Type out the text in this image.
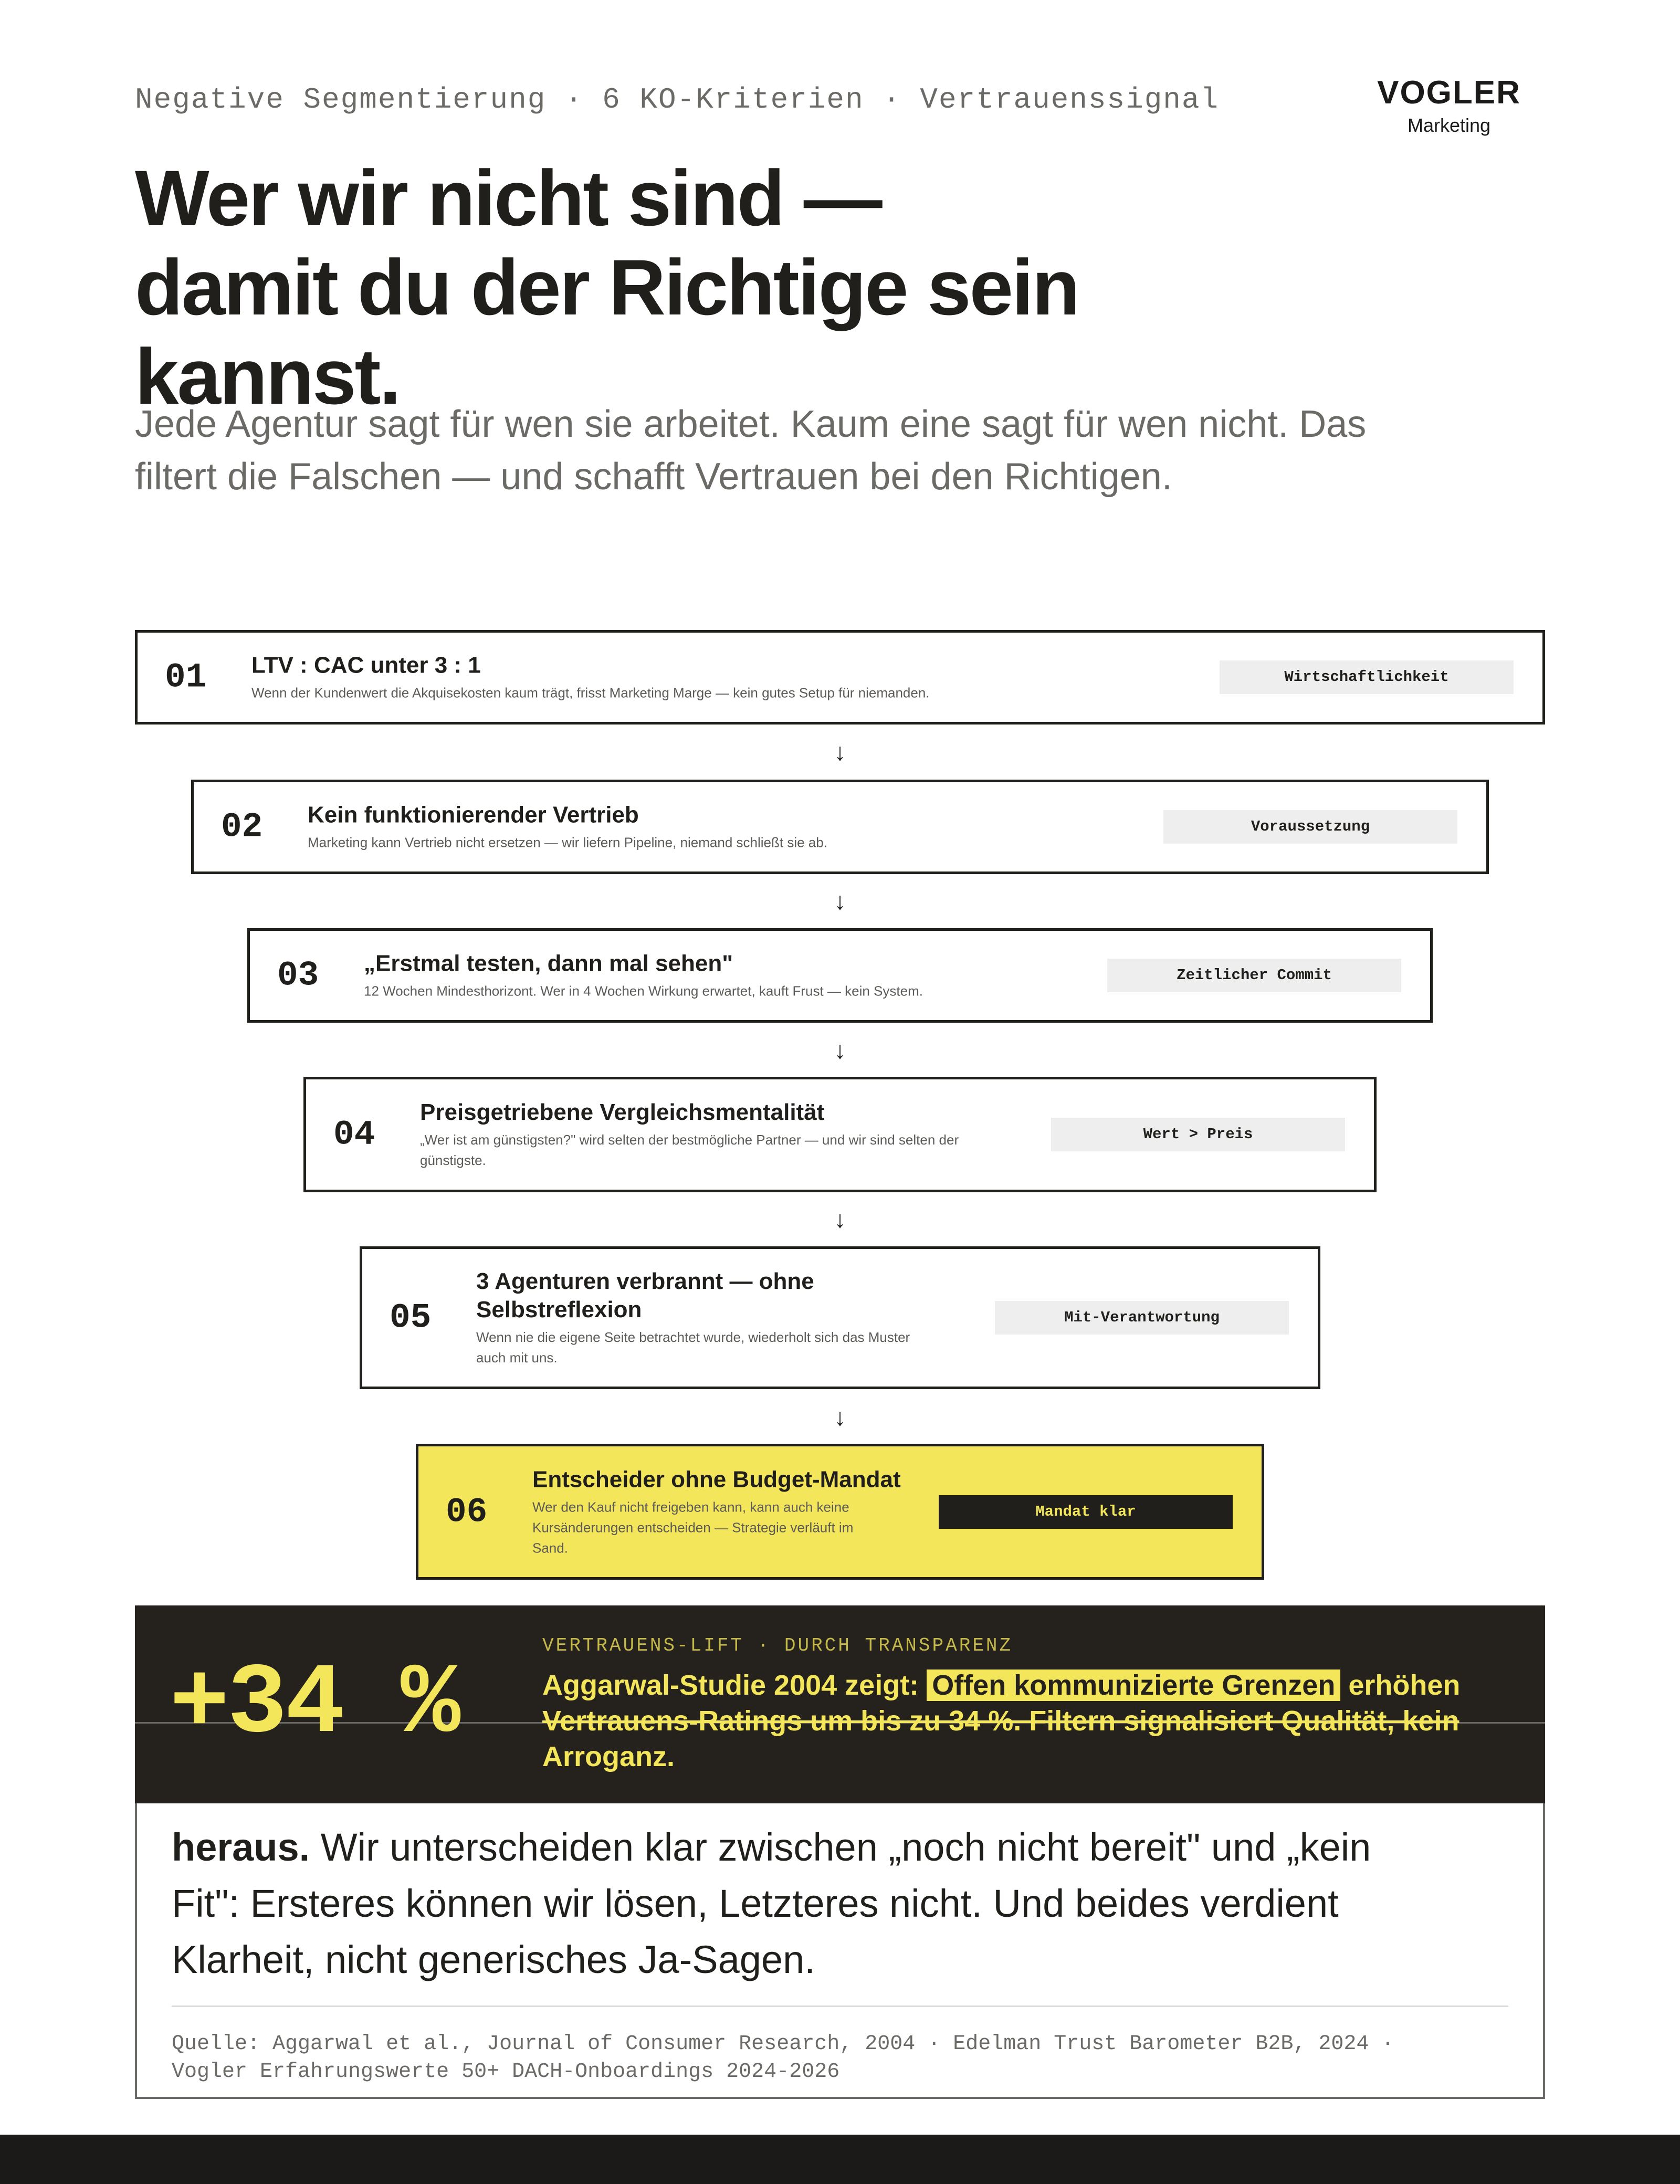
Negative Segmentierung · 6 KO-Kriterien · Vertrauenssignal	VOGLER
Marketing
Wer wir nicht sind —
damit du der Richtige sein
kannst.

Jede Agentur sagt für wen sie arbeitet. Kaum eine sagt für wen nicht. Das
filtert die Falschen — und schafft Vertrauen bei den Richtigen.

01 LTV : CAC unter 3 : 1
Wenn der Kundenwert die Akquisekosten kaum trägt, frisst Marketing Marge — kein gutes Setup für niemanden.
Wirtschaftlichkeit
↓
02 Kein funktionierender Vertrieb
Marketing kann Vertrieb nicht ersetzen — wir liefern Pipeline, niemand schließt sie ab.
Voraussetzung
↓
03 „Erstmal testen, dann mal sehen"
12 Wochen Mindesthorizont. Wer in 4 Wochen Wirkung erwartet, kauft Frust — kein System.
Zeitlicher Commit
↓
04
Preisgetriebene Vergleichsmentalität
„Wer ist am günstigsten?" wird selten der bestmögliche Partner — und wir sind selten der
günstigste.
Wert > Preis
↓
05
3 Agenturen verbrannt — ohne
Selbstreflexion
Wenn nie die eigene Seite betrachtet wurde, wiederholt sich das Muster
auch mit uns.
Mit-Verantwortung
↓
06
Entscheider ohne Budget-Mandat
Wer den Kauf nicht freigeben kann, kann auch keine
Kursänderungen entscheiden — Strategie verläuft im
Sand.
Mandat klar

heraus. Wir unterscheiden klar zwischen „noch nicht bereit" und „kein
Fit": Ersteres können wir lösen, Letzteres nicht. Und beides verdient
Klarheit, nicht generisches Ja-Sagen.

Quelle: Aggarwal et al., Journal of Consumer Research, 2004 · Edelman Trust Barometer B2B, 2024 ·
Vogler Erfahrungswerte 50+ DACH-Onboardings 2024-2026

+34 %
VERTRAUENS-LIFT · DURCH TRANSPARENZ

Aggarwal-Studie 2004 zeigt: Offen kommunizierte Grenzen erhöhen
Vertrauens-Ratings um bis zu 34 %. Filtern signalisiert Qualität, kein
Arroganz.
